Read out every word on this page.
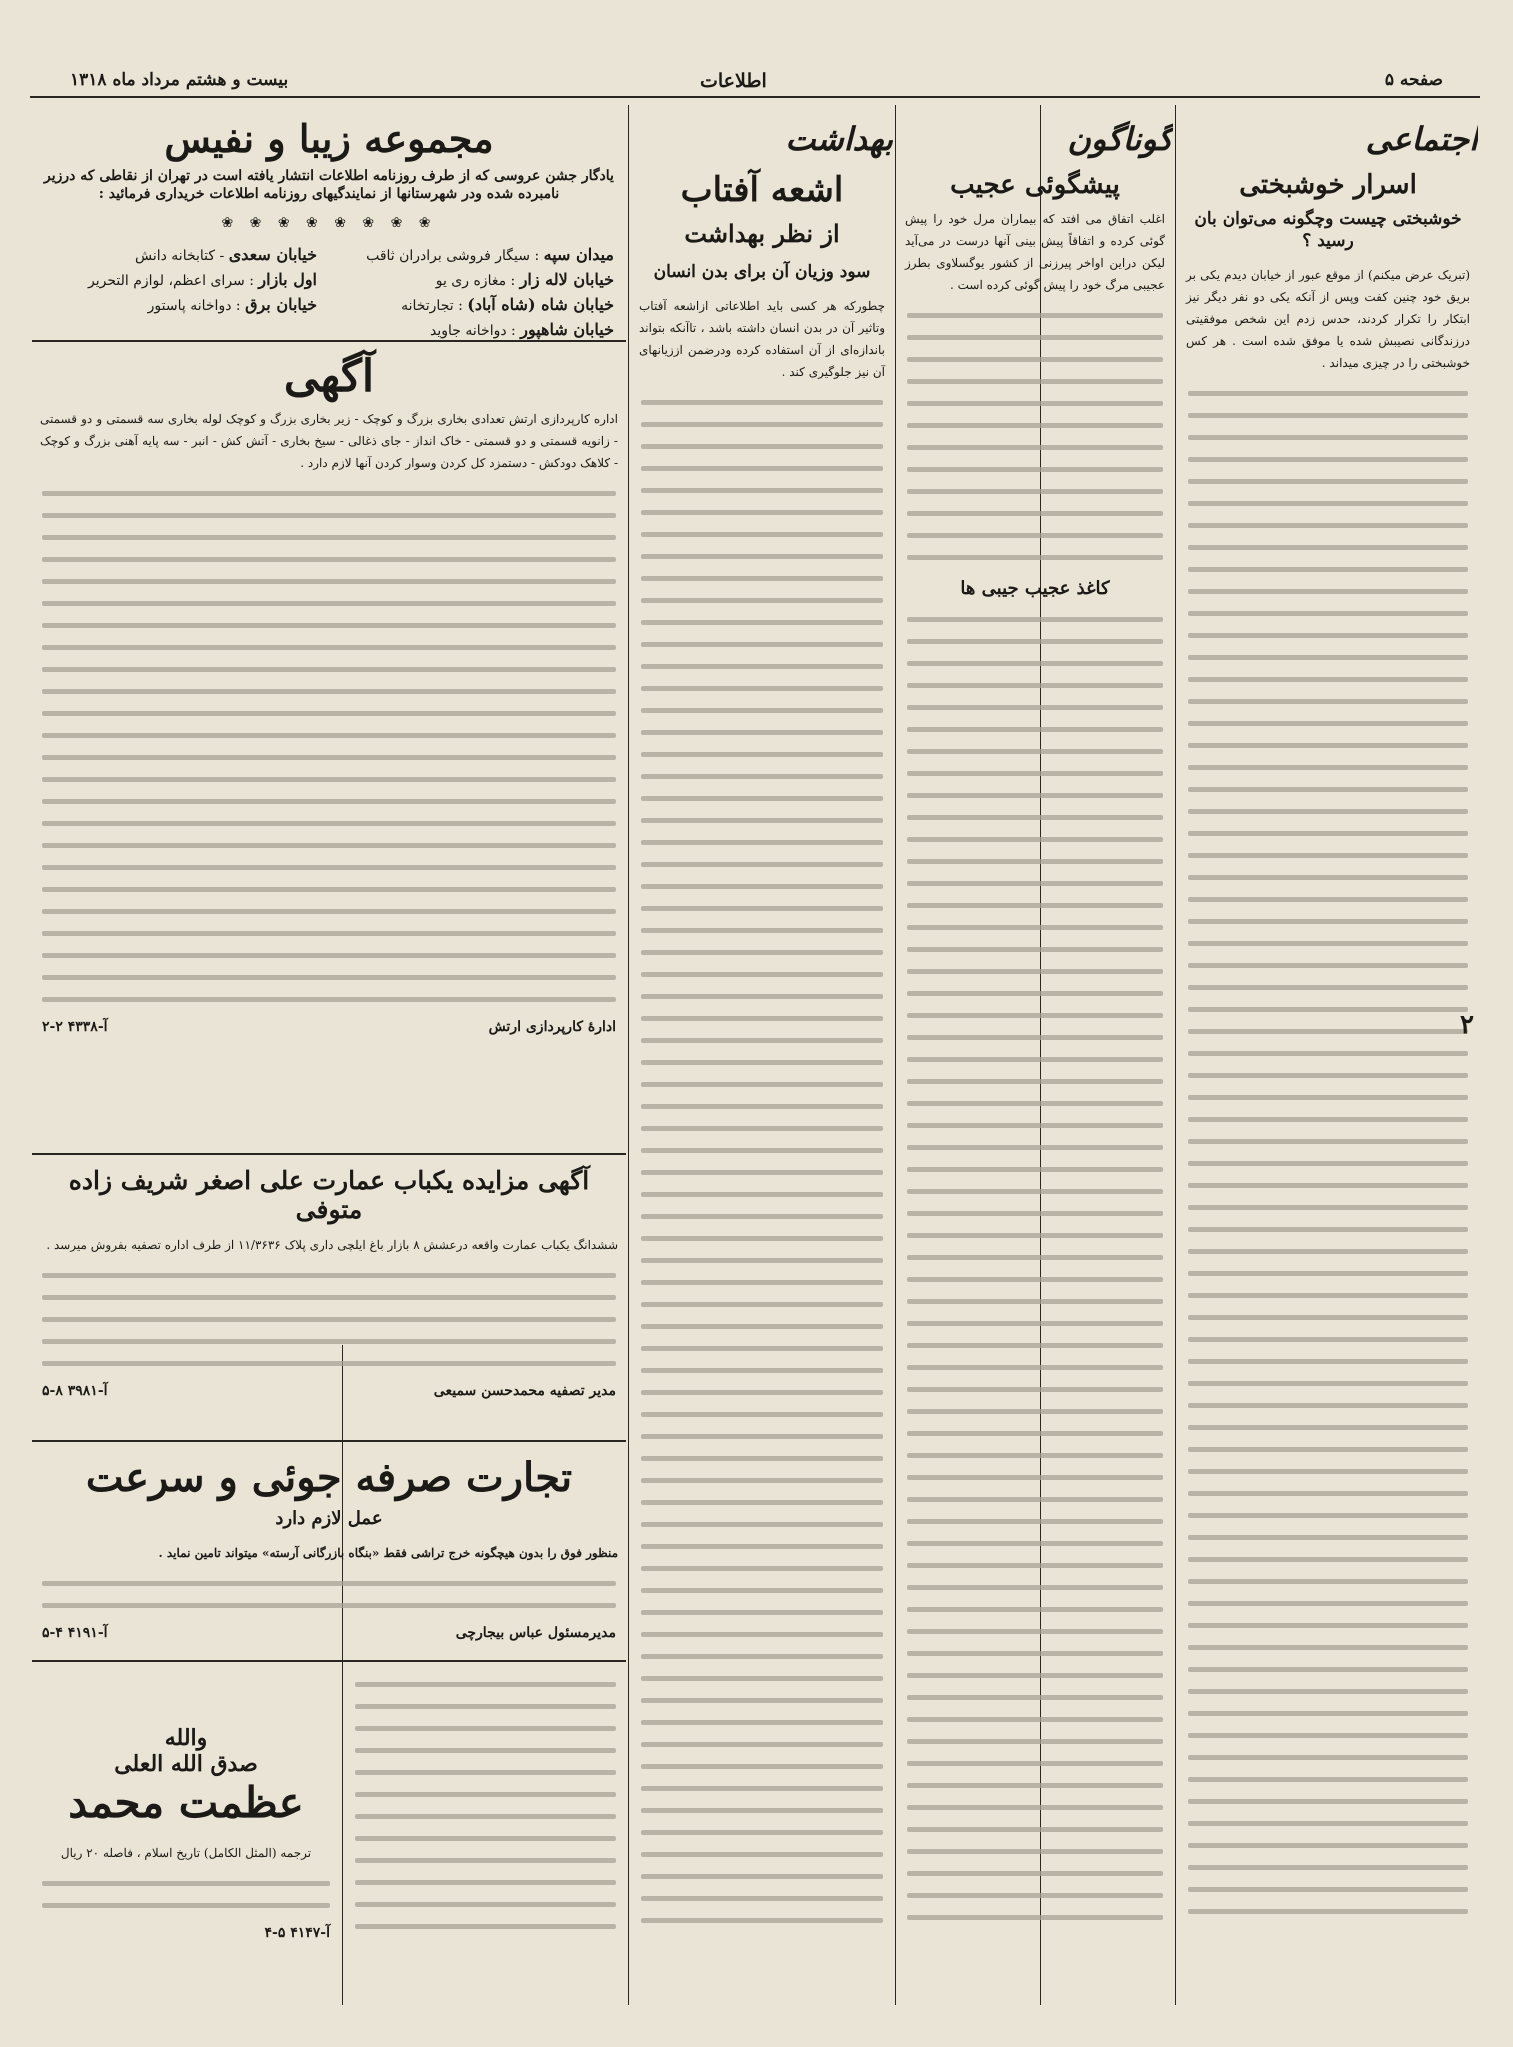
صفحه ۵
اطلاعات
بیست و هشتم مرداد ماه ۱۳۱۸
اجتماعی
اسرار خوشبختی
خوشبختی چیست وچگونه می‌توان بان رسید ؟
(تبریک عرض میکنم) از موقع عبور از خیابان دیدم یکی بر بریق خود چنین کفت وپس از آنکه یکی دو نفر دیگر نیز ابتکار را تکرار کردند، حدس زدم این شخص موفقیتی درزندگانی نصیبش شده یا موفق شده است . هر کس خوشبختی را در چیزی میداند .
گوناگون
پیشگوئی عجیب
اغلب اتفاق می افتد که بیماران مرل خود را پیش گوئی کرده و اتفاقاً پیش بینی آنها درست در می‌آید لیکن دراین اواخر پیرزنی از کشور یوگسلاوی بطرز عجیبی مرگ خود را پیش گوئی کرده است .
کاغذ عجیب جیبی ها
بهداشت
اشعه آفتاب
از نظر بهداشت
سود وزیان آن برای بدن انسان
چطورکه هر کسی باید اطلاعاتی ازاشعه آفتاب وتاثیر آن در بدن انسان داشته باشد ، تاآنکه بتواند باندازه‌ای از آن استفاده کرده ودرضمن اززیانهای آن نیز جلوگیری کند .
مجموعه زیبا و نفیس
یادگار جشن عروسی که از طرف روزنامه اطلاعات انتشار یافته است در تهران از نقاطی که درزیر نامبرده شده ودر شهرستانها از نمایندگیهای روزنامه اطلاعات خریداری فرمائید :
❀ ❀ ❀ ❀ ❀ ❀ ❀ ❀
میدان سپه : سیگار فروشی برادران ثاقب
خیابان سعدی - کتابخانه دانش
خیابان لاله زار : مغازه ری یو
اول بازار : سرای اعظم، لوازم التحریر
خیابان شاه (شاه آباد) : تجارتخانه
خیابان برق : دواخانه پاستور
خیابان شاهپور : دواخانه جاوید
آگهی
اداره کارپردازی ارتش تعدادی بخاری بزرگ و کوچک - زیر بخاری بزرگ و کوچک لوله بخاری سه قسمتی و دو قسمتی - زانویه قسمتی و دو قسمتی - خاک انداز - جای ذغالی - سیخ بخاری - آتش کش - انبر - سه پایه آهنی بزرگ و کوچک - کلاهک دودکش - دستمزد کل کردن وسوار کردن آنها لازم دارد .
ادارهٔ کارپردازی ارتش
آ-۴۳۳۸ ۲-۲
آگهی مزایده یکباب عمارت علی اصغر شریف زاده متوفی
ششدانگ یکباب عمارت واقعه درعشش ۸ بازار باغ ایلچی داری پلاک ۱۱/۳۶۳۶ از طرف اداره تصفیه بفروش میرسد .
مدیر تصفیه محمدحسن سمیعی
آ-۳۹۸۱ ۸-۵
تجارت صرفه جوئی و سرعت
عمل لازم دارد
منظور فوق را بدون هیچگونه خرج تراشی فقط «بنگاه بازرگانی آرسته» میتواند تامین نماید .
مدیرمسئول عباس بیجارچی
آ-۴۱۹۱ ۴-۵
والله
صدق الله العلی
عظمت محمد
ترجمه (المثل الکامل) تاریخ اسلام ، فاصله ۲۰ ریال
آ-۴۱۴۷ ۵-۴
۲
